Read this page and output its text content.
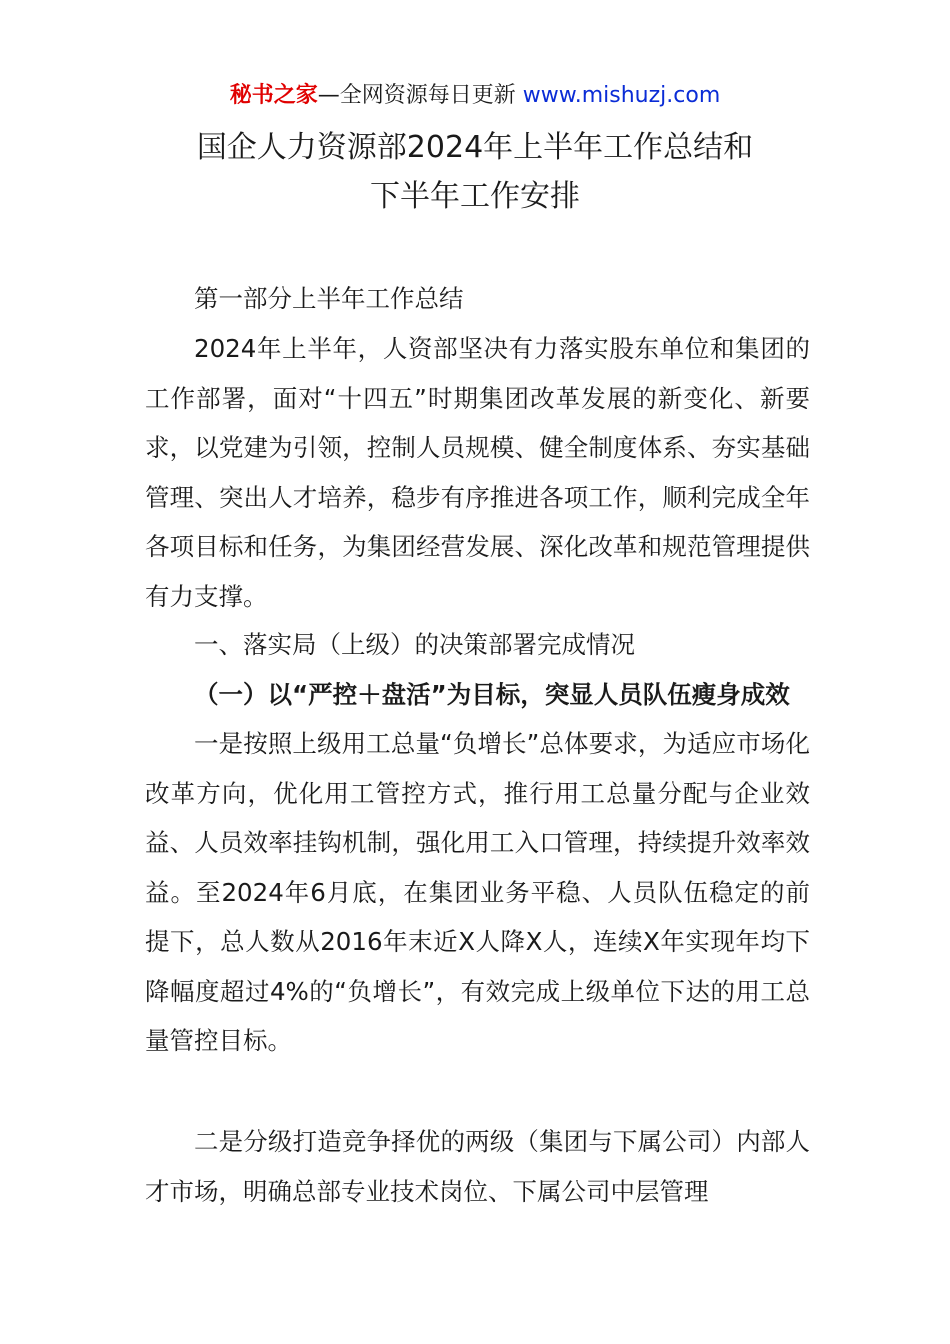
秘书之家—全网资源每日更新 www.mishuzj.com
国企人力资源部2024年上半年工作总结和
下半年工作安排

第一部分上半年工作总结

2024年上半年，人资部坚决有力落实股东单位和集团的工作部署，面对“十四五”时期集团改革发展的新变化、新要求，以党建为引领，控制人员规模、健全制度体系、夯实基础管理、突出人才培养，稳步有序推进各项工作，顺利完成全年各项目标和任务，为集团经营发展、深化改革和规范管理提供有力支撑。

一、落实局（上级）的决策部署完成情况

（一）以“严控＋盘活”为目标，突显人员队伍瘦身成效

一是按照上级用工总量“负增长”总体要求，为适应市场化改革方向，优化用工管控方式，推行用工总量分配与企业效益、人员效率挂钩机制，强化用工入口管理，持续提升效率效益。至2024年6月底，在集团业务平稳、人员队伍稳定的前提下，总人数从2016年末近X人降X人，连续X年实现年均下降幅度超过4%的“负增长”，有效完成上级单位下达的用工总量管控目标。

二是分级打造竞争择优的两级（集团与下属公司）内部人才市场，明确总部专业技术岗位、下属公司中层管理
